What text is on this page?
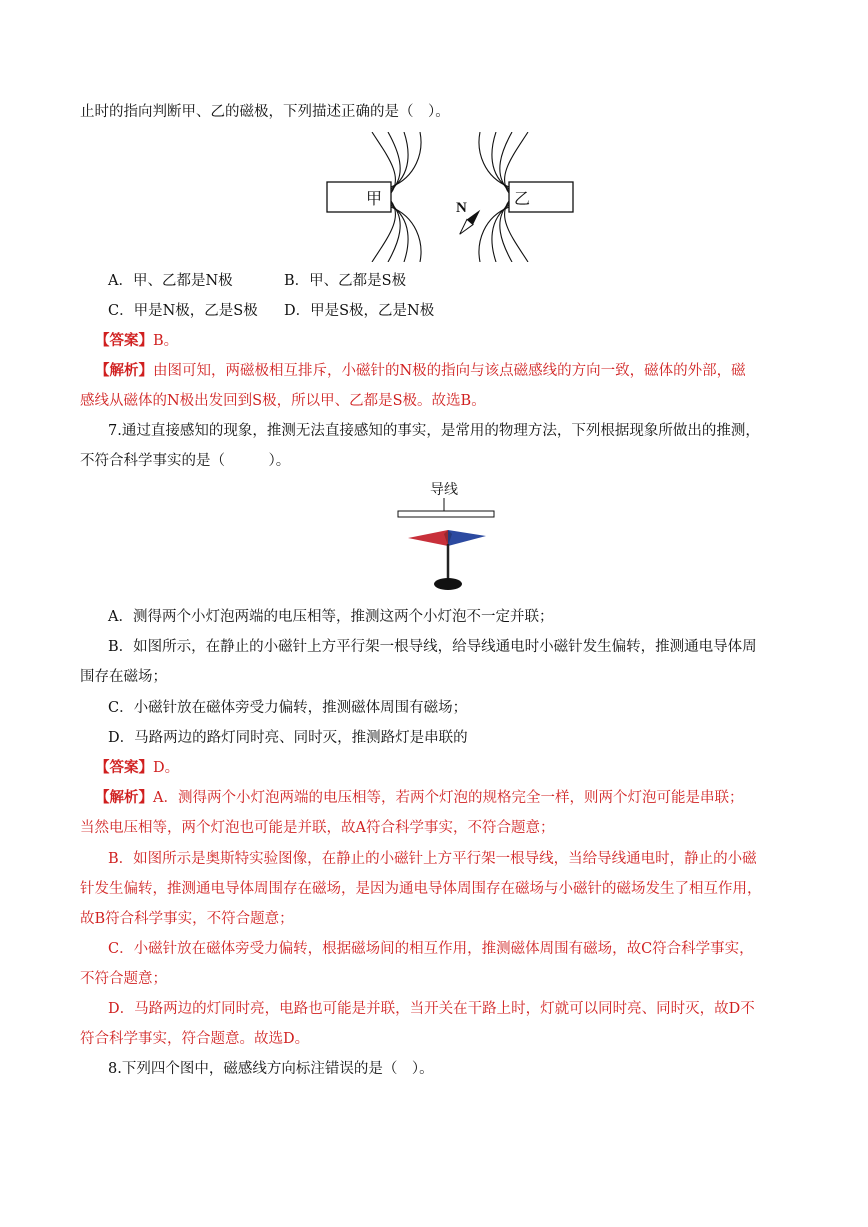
止时的指向判断甲、乙的磁极，下列描述正确的是（　）。
N
甲	乙
A．甲、乙都是N极	B．甲、乙都是S极
C．甲是N极，乙是S极 D．甲是S极，乙是N极
【答案】B。
【解析】由图可知，两磁极相互排斥，小磁针的N极的指向与该点磁感线的方向一致，磁体的外部，磁
感线从磁体的N极出发回到S极，所以甲、乙都是S极。故选B。
7.通过直接感知的现象，推测无法直接感知的事实，是常用的物理方法，下列根据现象所做出的推测，
不符合科学事实的是（　　　）。
导线
A．测得两个小灯泡两端的电压相等，推测这两个小灯泡不一定并联；
B．如图所示，在静止的小磁针上方平行架一根导线，给导线通电时小磁针发生偏转，推测通电导体周
围存在磁场；
C．小磁针放在磁体旁受力偏转，推测磁体周围有磁场；
D．马路两边的路灯同时亮、同时灭，推测路灯是串联的
【答案】D。
【解析】A．测得两个小灯泡两端的电压相等，若两个灯泡的规格完全一样，则两个灯泡可能是串联；
当然电压相等，两个灯泡也可能是并联，故A符合科学事实，不符合题意；
B．如图所示是奥斯特实验图像，在静止的小磁针上方平行架一根导线，当给导线通电时，静止的小磁
针发生偏转，推测通电导体周围存在磁场，是因为通电导体周围存在磁场与小磁针的磁场发生了相互作用，
故B符合科学事实，不符合题意；
C．小磁针放在磁体旁受力偏转，根据磁场间的相互作用，推测磁体周围有磁场，故C符合科学事实，
不符合题意；
D．马路两边的灯同时亮，电路也可能是并联，当开关在干路上时，灯就可以同时亮、同时灭，故D不
符合科学事实，符合题意。故选D。
8.下列四个图中，磁感线方向标注错误的是（　）。
